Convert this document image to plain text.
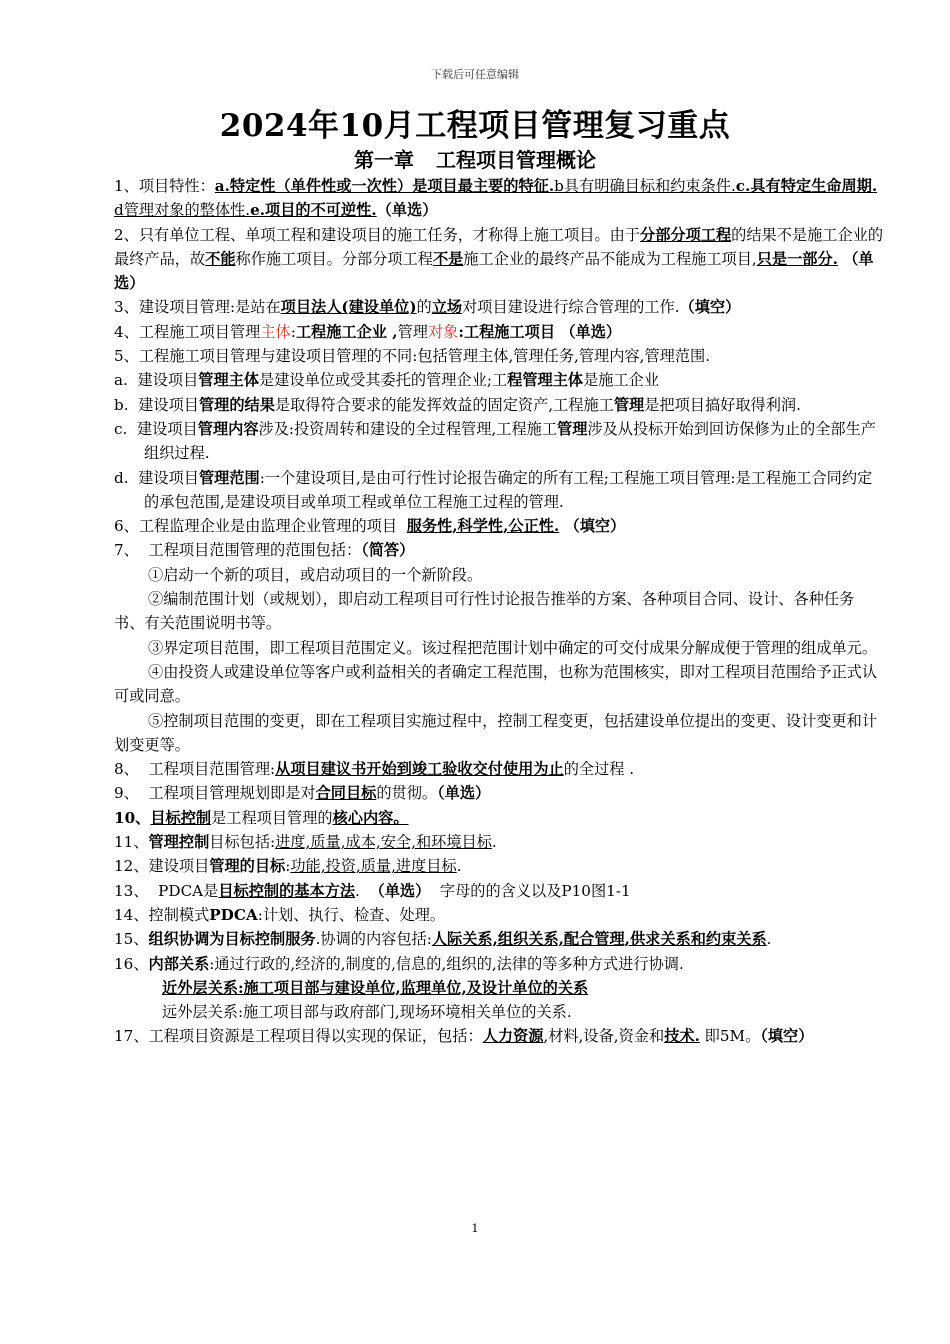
下载后可任意编辑
2024年10月工程项目管理复习重点
第一章 工程项目管理概论

1、项目特性：a.特定性（单件性或一次性）是项目最主要的特征.b具有明确目标和约束条件.c.具有特定生命周期. d管理对象的整体性.e.项目的不可逆性.（单选）

2、只有单位工程、单项工程和建设项目的施工任务，才称得上施工项目。由于分部分项工程的结果不是施工企业的最终产品，故不能称作施工项目。分部分项工程不是施工企业的最终产品不能成为工程施工项目,只是一部分. （单选）

3、建设项目管理:是站在项目法人(建设单位)的立场对项目建设进行综合管理的工作.（填空）

4、工程施工项目管理主体:工程施工企业 ,管理对象:工程施工项目 （单选）

5、工程施工项目管理与建设项目管理的不同:包括管理主体,管理任务,管理内容,管理范围.

a.  建设项目管理主体是建设单位或受其委托的管理企业;工程管理主体是施工企业

b.  建设项目管理的结果是取得符合要求的能发挥效益的固定资产,工程施工管理是把项目搞好取得利润.

c.  建设项目管理内容涉及:投资周转和建设的全过程管理,工程施工管理涉及从投标开始到回访保修为止的全部生产组织过程.

d.  建设项目管理范围:一个建设项目,是由可行性讨论报告确定的所有工程;工程施工项目管理:是工程施工合同约定的承包范围,是建设项目或单项工程或单位工程施工过程的管理.

6、工程监理企业是由监理企业管理的项目  服务性,科学性,公正性. （填空）

7、  工程项目范围管理的范围包括：（简答）

①启动一个新的项目，或启动项目的一个新阶段。

②编制范围计划（或规划），即启动工程项目可行性讨论报告推举的方案、各种项目合同、设计、各种任务书、有关范围说明书等。

③界定项目范围，即工程项目范围定义。该过程把范围计划中确定的可交付成果分解成便于管理的组成单元。

④由投资人或建设单位等客户或利益相关的者确定工程范围，也称为范围核实，即对工程项目范围给予正式认可或同意。

⑤控制项目范围的变更，即在工程项目实施过程中，控制工程变更，包括建设单位提出的变更、设计变更和计划变更等。

8、  工程项目范围管理:从项目建议书开始到竣工验收交付使用为止的全过程 .

9、  工程项目管理规划即是对合同目标的贯彻。（单选）

10、目标控制是工程项目管理的核心内容。

11、管理控制目标包括:进度,质量,成本,安全,和环境目标.

12、建设项目管理的目标:功能,投资,质量,进度目标.

13、  PDCA是目标控制的基本方法.  （单选）  字母的的含义以及P10图1-1

14、控制模式PDCA:计划、执行、检查、处理。

15、组织协调为目标控制服务.协调的内容包括:人际关系,组织关系,配合管理,供求关系和约束关系.

16、内部关系:通过行政的,经济的,制度的,信息的,组织的,法律的等多种方式进行协调.

近外层关系:施工项目部与建设单位,监理单位,及设计单位的关系

远外层关系:施工项目部与政府部门,现场环境相关单位的关系.

17、工程项目资源是工程项目得以实现的保证，包括：人力资源,材料,设备,资金和技术. 即5M。（填空）

1
